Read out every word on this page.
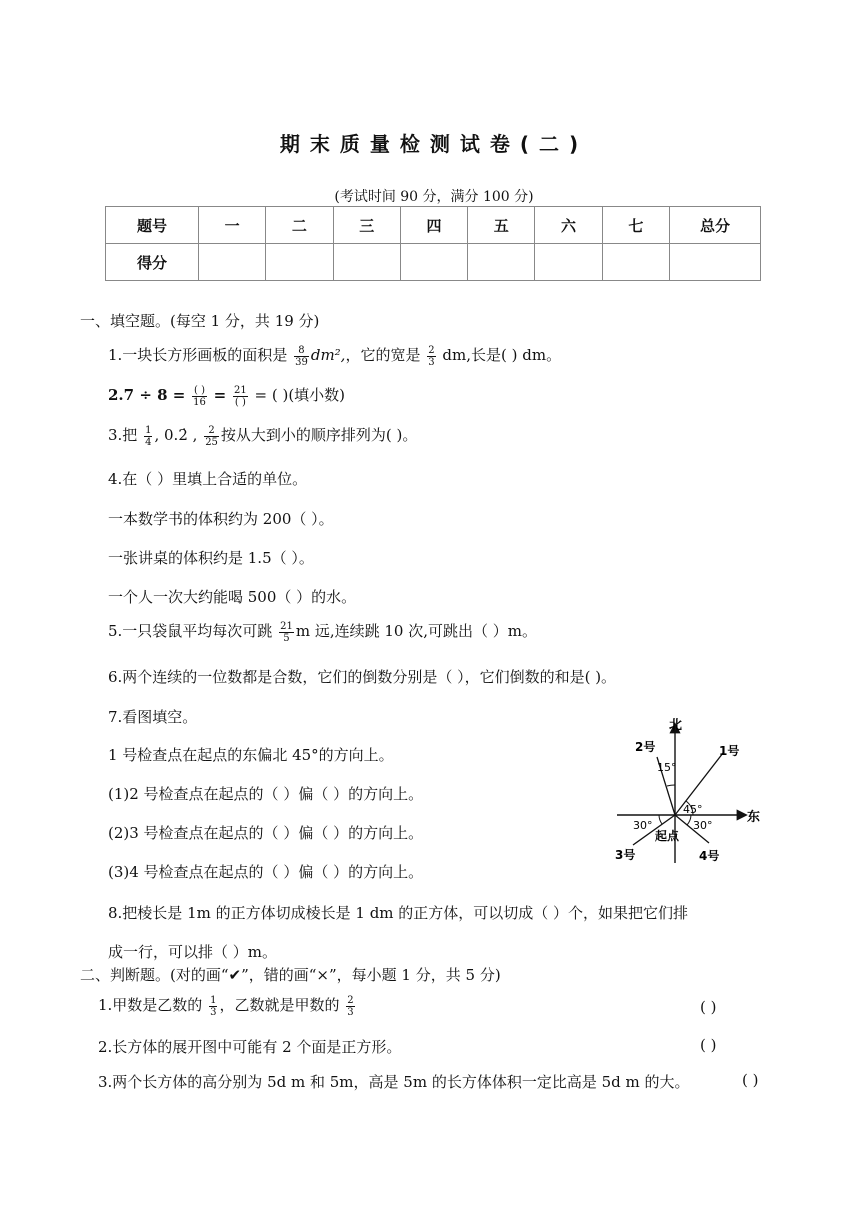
期末质量检测试卷(二)
(考试时间 90 分，满分 100 分)
题号	一	二	三	四	五	六	七	总分
得分								
一、填空题。(每空 1 分，共 19 分)
1.一块长方形画板的面积是 $\frac{8}{39} dm^2$,，它的宽是 $\frac{2}{3}$ dm,长是( ) dm。
$2.7 \div 8 = \frac{( )}{16} = \frac{21}{( )}$ = ( )(填小数)
3.把 $\frac{1}{4}$ , 0.2̇ , $\frac{2}{25}$ 按从大到小的顺序排列为( )。
4.在（ ）里填上合适的单位。
一本数学书的体积约为 200（ ）。
一张讲桌的体积约是 1.5（ ）。
一个人一次大约能喝 500（ ）的水。
5.一只袋鼠平均每次可跳 $\frac{21}{5}$ m 远,连续跳 10 次,可跳出（ ）m。
6.两个连续的一位数都是合数，它们的倒数分别是（ ），它们倒数的和是( )。
7.看图填空。
1 号检查点在起点的东偏北 45°的方向上。
(1)2 号检查点在起点的（ ）偏（ ）的方向上。
(2)3 号检查点在起点的（ ）偏（ ）的方向上。
(3)4 号检查点在起点的（ ）偏（ ）的方向上。
8.把棱长是 1m 的正方体切成棱长是 1 dm 的正方体，可以切成（ ）个，如果把它们排
成一行，可以排（ ）m。
北
东
1号
2号
3号	4号
起点
15°
45°
30°	30°
二、判断题。(对的画“✔”，错的画“×”，每小题 1 分，共 5 分)
1.甲数是乙数的 $\frac{1}{3}$ ，乙数就是甲数的 $\frac{2}{3}$	( )
2.长方体的展开图中可能有 2 个面是正方形。	( )
3.两个长方体的高分别为 5d m 和 5m，高是 5m 的长方体体积一定比高是 5d m 的大。	( )
